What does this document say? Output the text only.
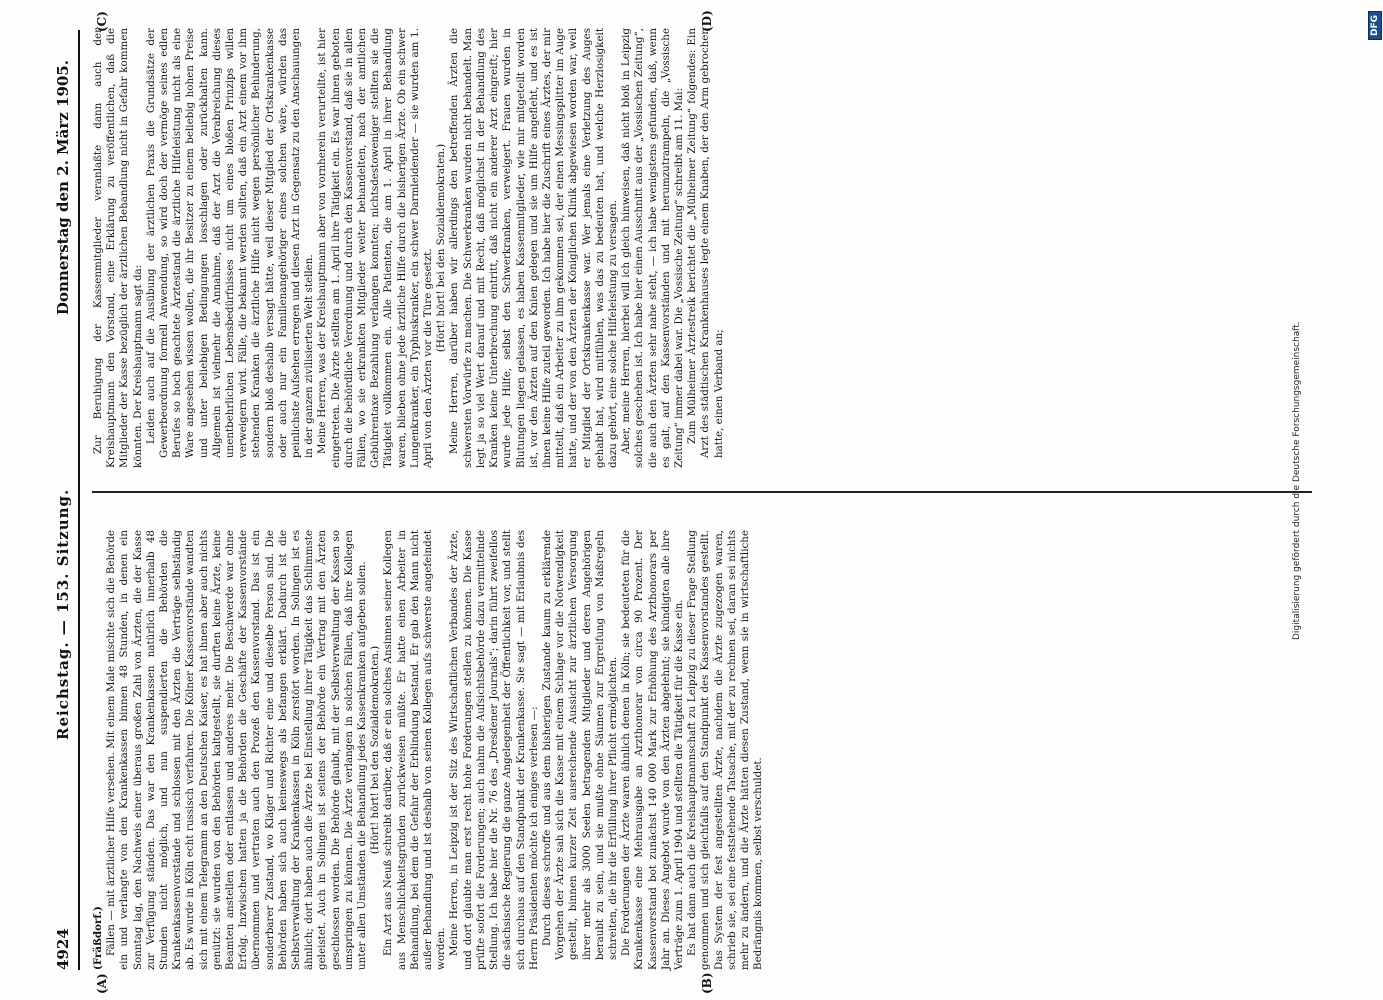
4924
Reichstag. — 153. Sitzung.
Donnerstag den 2. März 1905.
(A)	(B)
(C)	(D)

(Fräßdorf.) Fällen — mit ärztlicher Hilfe versehen. Mit einem Male mischte sich die Behörde ein und verlangte von den Krankenkassen binnen 48 Stunden, in denen ein Sonntag lag, den Nachweis einer überaus großen Zahl von Ärzten, die der Kasse zur Verfügung ständen. Das war den Krankenkassen natürlich innerhalb 48 Stunden nicht möglich, und nun suspendierten die Behörden die Krankenkassenvorstände und schlossen mit den Ärzten die Verträge selbständig ab. Es wurde in Köln echt russisch verfahren. Die Kölner Kassenvorstände wandten sich mit einem Telegramm an den Deutschen Kaiser, es hat ihnen aber auch nichts genützt: sie wurden von den Behörden kaltgestellt, sie durften keine Ärzte, keine Beamten anstellen oder entlassen und anderes mehr. Die Beschwerde war ohne Erfolg. Inzwischen hatten ja die Behörden die Geschäfte der Kassenvorstände übernommen und vertraten auch den Prozeß den Kassenvorstand. Das ist ein sonderbarer Zustand, wo Kläger und Richter eine und dieselbe Person sind. Die Behörden haben sich auch keineswegs als befangen erklärt. Dadurch ist die Selbstverwaltung der Krankenkassen in Köln zerstört worden. In Solingen ist es ähnlich; dort haben auch die Ärzte bei Einstellung ihrer Tätigkeit das Schlimmste geleistet. Auch in Solingen ist seitens der Behörde ein Vertrag mit den Ärzten geschlossen worden. Die Behörde glaubt, mit der Selbstverwaltung der Kassen so umspringen zu können. Die Ärzte verlangen in solchen Fällen, daß ihre Kollegen unter allen Umständen die Behandlung jedes Kassenkranken aufgeben sollen. (Hört! hört! bei den Sozialdemokraten.) Ein Arzt aus Neuß schreibt darüber, daß er ein solches Ansinnen seiner Kollegen aus Menschlichkeitsgründen zurückweisen müßte. Er hatte einen Arbeiter in Behandlung, bei dem die Gefahr der Erblindung bestand. Er gab den Mann nicht außer Behandlung und ist deshalb von seinen Kollegen aufs schwerste angefeindet worden. Meine Herren, in Leipzig ist der Sitz des Wirtschaftlichen Verbandes der Ärzte, und dort glaubte man erst recht hohe Forderungen stellen zu können. Die Kasse prüfte sofort die Forderungen; auch nahm die Aufsichtsbehörde dazu vermittelnde Stellung. Ich habe hier die Nr. 76 des „Dresdener Journals“; darin führt zweifellos die sächsische Regierung die ganze Angelegenheit der Öffentlichkeit vor, und stellt sich durchaus auf den Standpunkt der Krankenkasse. Sie sagt — mit Erlaubnis des Herrn Präsidenten möchte ich einiges verlesen —: Durch dieses schroffe und aus dem bisherigen Zustande kaum zu erklärende Vorgehen der Ärzte sah sich die Kasse mit einem Schlage vor die Notwendigkeit gestellt, binnen kurzer Zeit ausreichende Aussicht zur ärztlichen Versorgung ihrer mehr als 3000 Seelen betragenden Mitglieder und deren Angehörigen beraubt zu sein, und sie mußte ohne Säumen zur Ergreifung von Maßregeln schreiten, die ihr die Erfüllung ihrer Pflicht ermöglichten. Die Forderungen der Ärzte waren ähnlich denen in Köln; sie bedeuteten für die Krankenkasse eine Mehrausgabe an Arzthonorar von circa 90 Prozent. Der Kassenvorstand bot zunächst 140 000 Mark zur Erhöhung des Arzthonorars per Jahr an. Dieses Angebot wurde von den Ärzten abgelehnt; sie kündigten alle ihre Verträge zum 1. April 1904 und stellten die Tätigkeit für die Kasse ein. Es hat dann auch die Kreishauptmannschaft zu Leipzig zu dieser Frage Stellung genommen und sich gleichfalls auf den Standpunkt des Kassenvorstandes gestellt. Das System der fest angestellten Ärzte, nachdem die Ärzte zugezogen waren, schrieb sie, sei eine feststehende Tatsache, mit der zu rechnen sei, daran sei nichts mehr zu ändern, und die Ärzte hätten diesen Zustand, wenn sie in wirtschaftliche Bedrängnis kommen, selbst verschuldet.

Zur Beruhigung der Kassenmitglieder veranlaßte dann auch der Kreishauptmann den Vorstand, eine Erklärung zu veröffentlichen, daß die Mitglieder der Kasse bezüglich der ärztlichen Behandlung nicht in Gefahr kommen könnten. Der Kreishauptmann sagt da: Leiden auch auf die Ausübung der ärztlichen Praxis die Grundsätze der Gewerbeordnung formell Anwendung, so wird doch der vermöge seines edlen Berufes so hoch geachtete Ärztestand die ärztliche Hilfeleistung nicht als eine Ware angesehen wissen wollen, die ihr Besitzer zu einem beliebig hohen Preise und unter beliebigen Bedingungen losschlagen oder zurückhalten kann. Allgemein ist vielmehr die Annahme, daß der Arzt die Verabreichung dieses unentbehrlichen Lebensbedürfnisses nicht um eines bloßen Prinzips willen verweigern wird. Fälle, die bekannt werden sollten, daß ein Arzt einem vor ihm stehenden Kranken die ärztliche Hilfe nicht wegen persönlicher Behinderung, sondern bloß deshalb versagt hätte, weil dieser Mitglied der Ortskrankenkasse oder auch nur ein Familienangehöriger eines solchen wäre, würden das peinlichste Aufsehen erregen und diesen Arzt in Gegensatz zu den Anschauungen in der ganzen zivilisierten Welt stellen. Meine Herren, was der Kreishauptmann aber von vornherein verurteilte, ist hier eingetreten. Die Ärzte stellten am 1. April ihre Tätigkeit ein. Es war ihnen geboten durch die behördliche Verordnung und durch den Kassenvorstand, daß sie in allen Fällen, wo sie erkrankten Mitglieder weiter behandelten, nach der amtlichen Gebührentaxe Bezahlung verlangen konnten; nichtsdestoweniger stellten sie die Tätigkeit vollkommen ein. Alle Patienten, die am 1. April in ihrer Behandlung waren, blieben ohne jede ärztliche Hilfe durch die bisherigen Ärzte. Ob ein schwer Lungenkranker, ein Typhuskranker, ein schwer Darmleidender — sie wurden am 1. April von den Ärzten vor die Türe gesetzt.

(Hört! hört! bei den Sozialdemokraten.) Meine Herren, darüber haben wir allerdings den betreffenden Ärzten die schwersten Vorwürfe zu machen. Die Schwerkranken wurden nicht behandelt. Man legt ja so viel Wert darauf und mit Recht, daß möglichst in der Behandlung des Kranken keine Unterbrechung eintritt, daß nicht ein anderer Arzt eingreift; hier wurde jede Hilfe, selbst den Schwerkranken, verweigert. Frauen wurden in Blutungen liegen gelassen, es haben Kassenmitglieder, wie mir mitgeteilt worden ist, vor den Ärzten auf den Knien gelegen und sie um Hilfe angefleht, und es ist ihnen keine Hilfe zuteil geworden. Ich habe hier die Zuschrift eines Ärztes, der mir mitteilt, daß ein Arbeiter zu ihm gekommen sei, der einen Messingsplitter im Auge hatte, und der von den Ärzten der Königlichen Klinik abgewiesen worden war, weil er Mitglied der Ortskrankenkasse war. Wer jemals eine Verletzung des Auges gehabt hat, wird mitfühlen, was das zu bedeuten hat, und welche Herzlosigkeit dazu gehört, eine solche Hilfeleistung zu versagen. Aber, meine Herren, hierbei will ich gleich hinweisen, daß nicht bloß in Leipzig solches geschehen ist. Ich habe hier einen Ausschnitt aus der „Vossischen Zeitung“, die auch den Ärzten sehr nahe steht, — ich habe wenigstens gefunden, daß, wenn es galt, auf den Kassenvorständen und mit herumzutrampeln, die „Vossische Zeitung“ immer dabei war. Die „Vossische Zeitung“ schreibt am 11. Mai: Zum Mülheimer Ärztestreik berichtet die „Mülheimer Zeitung“ folgendes: Ein Arzt des städtischen Krankenhauses legte einem Knaben, der den Arm gebrochen hatte, einen Verband an;	Digitalisierung gefördert durch die Deutsche Forschungsgemeinschaft.
DFG
